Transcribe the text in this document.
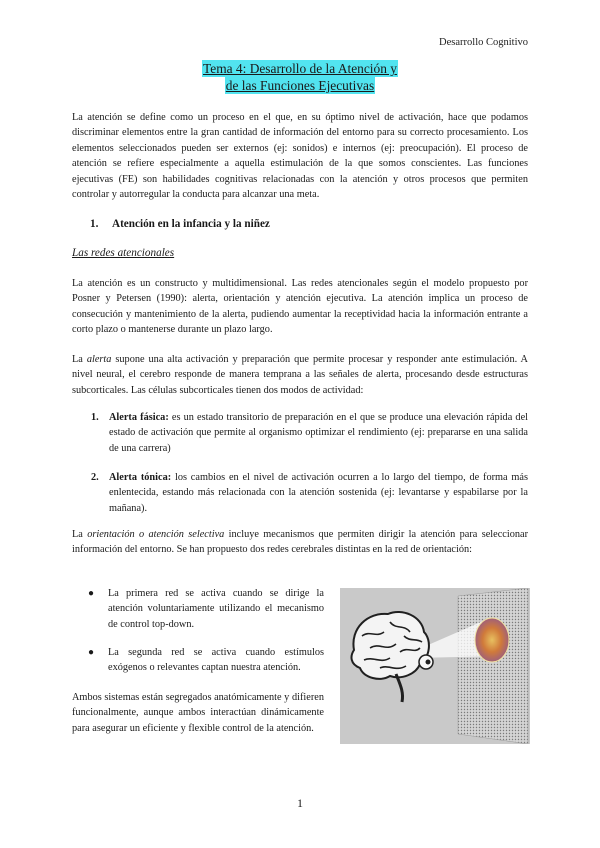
Desarrollo Cognitivo
Tema 4: Desarrollo de la Atención y
de las Funciones Ejecutivas
La atención se define como un proceso en el que, en su óptimo nivel de activación, hace que podamos discriminar elementos entre la gran cantidad de información del entorno para su correcto procesamiento. Los elementos seleccionados pueden ser externos (ej: sonidos) e internos (ej: preocupación). El proceso de atención se refiere especialmente a aquella estimulación de la que somos conscientes. Las funciones ejecutivas (FE) son habilidades cognitivas relacionadas con la atención y otros procesos que permiten controlar y autorregular la conducta para alcanzar una meta.
1. Atención en la infancia y la niñez
Las redes atencionales
La atención es un constructo y multidimensional. Las redes atencionales según el modelo propuesto por Posner y Petersen (1990): alerta, orientación y atención ejecutiva. La atención implica un proceso de consecución y mantenimiento de la alerta, pudiendo aumentar la receptividad hacia la información entrante a corto plazo o mantenerse durante un plazo largo.
La alerta supone una alta activación y preparación que permite procesar y responder ante estimulación. A nivel neural, el cerebro responde de manera temprana a las señales de alerta, procesando desde estructuras subcorticales. Las células subcorticales tienen dos modos de actividad:
1. Alerta fásica: es un estado transitorio de preparación en el que se produce una elevación rápida del estado de activación que permite al organismo optimizar el rendimiento (ej: prepararse en una salida de una carrera)
2. Alerta tónica: los cambios en el nivel de activación ocurren a lo largo del tiempo, de forma más enlentecida, estando más relacionada con la atención sostenida (ej: levantarse y espabilarse por la mañana).
La orientación o atención selectiva incluye mecanismos que permiten dirigir la atención para seleccionar información del entorno. Se han propuesto dos redes cerebrales distintas en la red de orientación:
● La primera red se activa cuando se dirige la atención voluntariamente utilizando el mecanismo de control top-down.
● La segunda red se activa cuando estímulos exógenos o relevantes captan nuestra atención.
Ambos sistemas están segregados anatómicamente y difieren funcionalmente, aunque ambos interactúan dinámicamente para asegurar un eficiente y flexible control de la atención.
1
